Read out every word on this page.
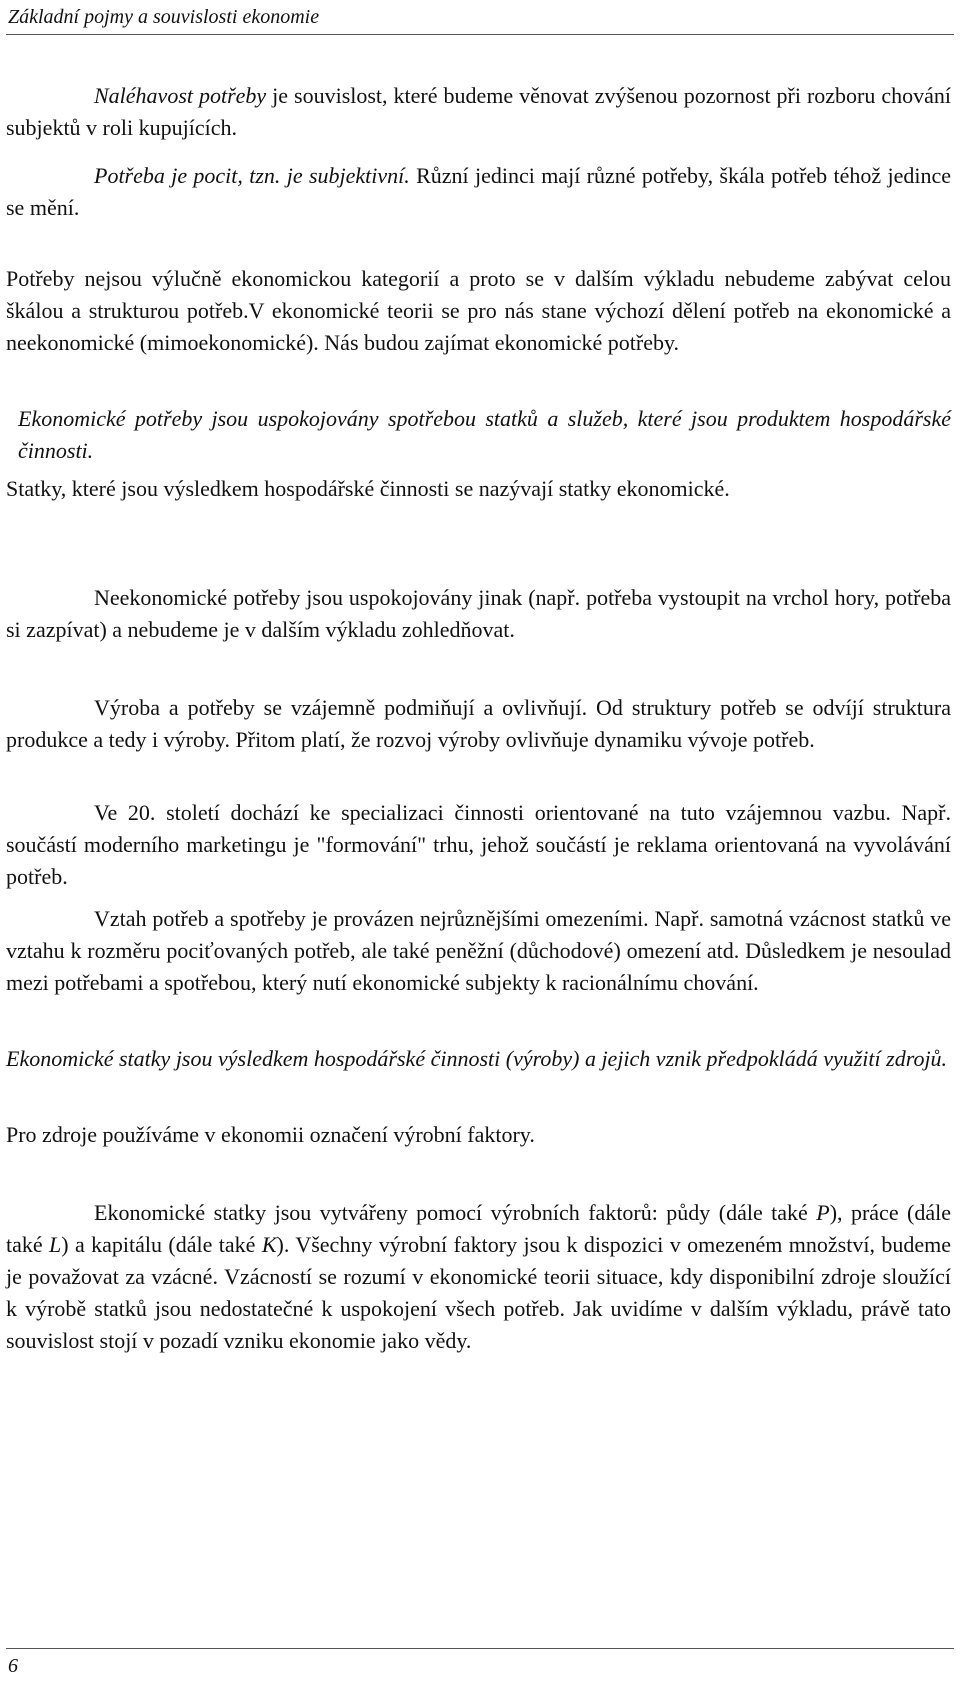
Základní pojmy a souvislosti ekonomie

Naléhavost potřeby je souvislost, které budeme věnovat zvýšenou pozornost při rozboru chování subjektů v roli kupujících.

Potřeba je pocit, tzn. je subjektivní. Různí jedinci mají různé potřeby, škála potřeb téhož jedince se mění.

Potřeby nejsou výlučně ekonomickou kategorií a proto se v dalším výkladu nebudeme zabývat celou škálou a strukturou potřeb.V ekonomické teorii se pro nás stane výchozí dělení potřeb na ekonomické a neekonomické (mimoekonomické). Nás budou zajímat ekonomické potřeby.

Ekonomické potřeby jsou uspokojovány spotřebou statků a služeb, které jsou produktem hospodářské činnosti.

Statky, které jsou výsledkem hospodářské činnosti se nazývají statky ekonomické.

Neekonomické potřeby jsou uspokojovány jinak (např. potřeba vystoupit na vrchol hory, potřeba si zazpívat) a nebudeme je v dalším výkladu zohledňovat.

Výroba a potřeby se vzájemně podmiňují a ovlivňují. Od struktury potřeb se odvíjí struktura produkce a tedy i výroby. Přitom platí, že rozvoj výroby ovlivňuje dynamiku vývoje potřeb.

Ve 20. století dochází ke specializaci činnosti orientované na tuto vzájemnou vazbu. Např. součástí moderního marketingu je "formování" trhu, jehož součástí je reklama orientovaná na vyvolávání potřeb.

Vztah potřeb a spotřeby je provázen nejrůznějšími omezeními. Např. samotná vzácnost statků ve vztahu k rozměru pociťovaných potřeb, ale také peněžní (důchodové) omezení atd. Důsledkem je nesoulad mezi potřebami a spotřebou, který nutí ekonomické subjekty k racionálnímu chování.

Ekonomické statky jsou výsledkem hospodářské činnosti (výroby) a jejich vznik předpokládá využití zdrojů.

Pro zdroje používáme v ekonomii označení výrobní faktory.

Ekonomické statky jsou vytvářeny pomocí výrobních faktorů: půdy (dále také P), práce (dále také L) a kapitálu (dále také K). Všechny výrobní faktory jsou k dispozici v omezeném množství, budeme je považovat za vzácné. Vzácností se rozumí v ekonomické teorii situace, kdy disponibilní zdroje sloužící k výrobě statků jsou nedostatečné k uspokojení všech potřeb. Jak uvidíme v dalším výkladu, právě tato souvislost stojí v pozadí vzniku ekonomie jako vědy.

6
